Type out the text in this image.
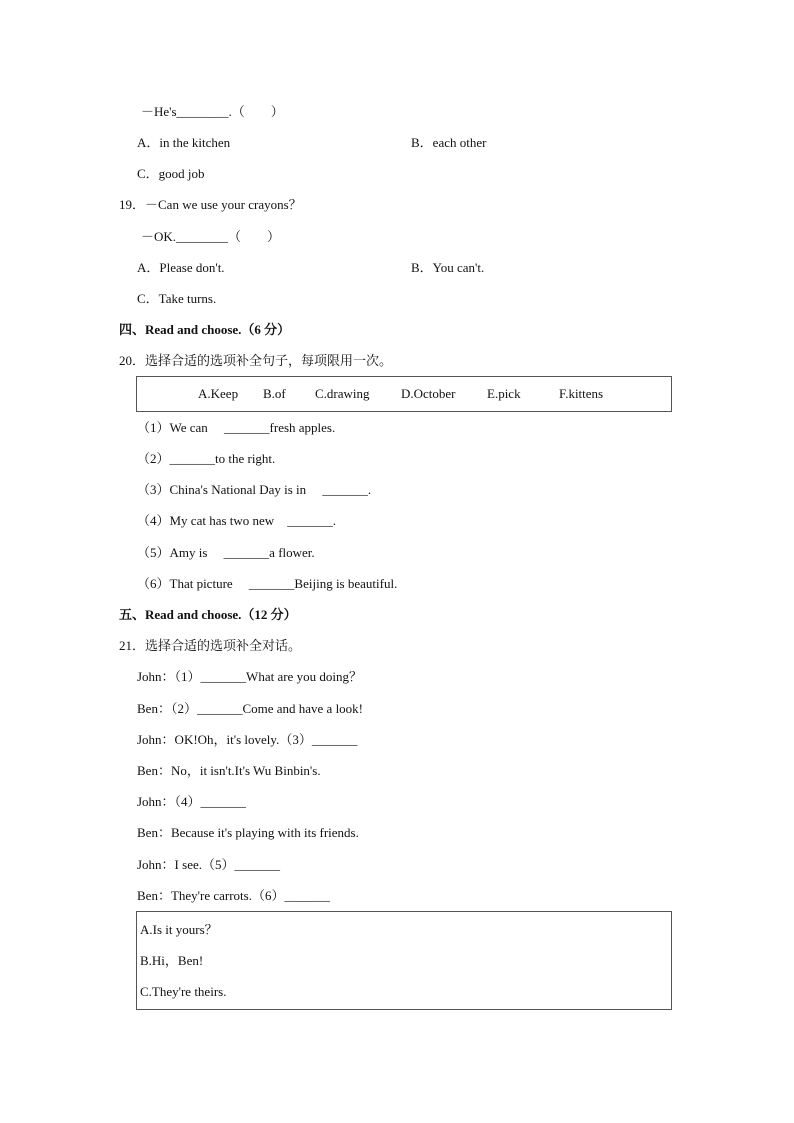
－He's________.（　　）
A．in the kitchen	B．each other
C．good job
19．－Can we use your crayons？
－OK.________（　　）
A．Please don't.	B．You can't.
C．Take turns.
四、Read and choose.（6 分）
20．选择合适的选项补全句子，每项限用一次。
A.Keep B.of C.drawing D.October E.pick	F.kittens
（1）We can　 _______fresh apples.
（2）_______to the right.
（3）China's National Day is in　 _______.
（4）My cat has two new　_______.
（5）Amy is　 _______a flower.
（6）That picture　 _______Beijing is beautiful.
五、Read and choose.（12 分）
21．选择合适的选项补全对话。
John：（1）_______What are you doing？
Ben：（2）_______Come and have a look!
John：OK!Oh，it's lovely.（3）_______
Ben：No，it isn't.It's Wu Binbin's.
John：（4）_______
Ben：Because it's playing with its friends.
John：I see.（5）_______
Ben：They're carrots.（6）_______
A.Is it yours？
B.Hi，Ben!
C.They're theirs.
